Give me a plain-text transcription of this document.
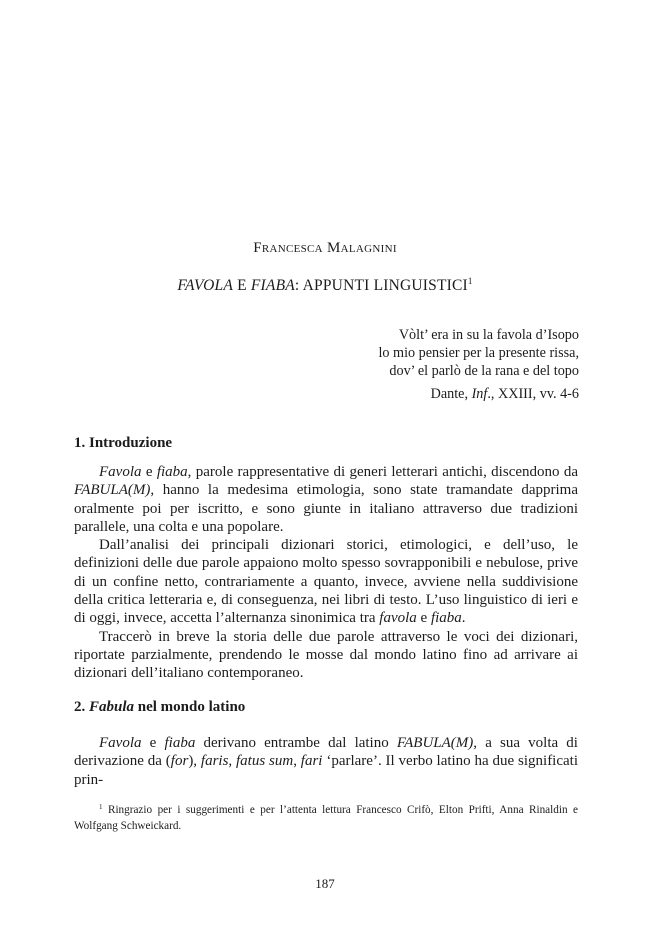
Francesca Malagnini
FAVOLA E FIABA: APPUNTI LINGUISTICI$^1$
Vòlt’ era in su la favola d’Isopo
lo mio pensier per la presente rissa,
dov’ el parlò de la rana e del topo
Dante, Inf., XXIII, vv. 4-6
1. Introduzione

Favola e fiaba, parole rappresentative di generi letterari antichi, discendono da FABULA(M), hanno la medesima etimologia, sono state tramandate dapprima oralmente poi per iscritto, e sono giunte in italiano attraverso due tradizioni parallele, una colta e una popolare.

Dall’analisi dei principali dizionari storici, etimologici, e dell’uso, le definizioni delle due parole appaiono molto spesso sovrapponibili e nebulose, prive di un confine netto, contrariamente a quanto, invece, avviene nella suddivisione della critica letteraria e, di conseguenza, nei libri di testo. L’uso linguistico di ieri e di oggi, invece, accetta l’alternanza sinonimica tra favola e fiaba.

Traccerò in breve la storia delle due parole attraverso le voci dei dizionari, riportate parzialmente, prendendo le mosse dal mondo latino fino ad arrivare ai dizionari dell’italiano contemporaneo.

2. Fabula nel mondo latino

Favola e fiaba derivano entrambe dal latino FABULA(M), a sua volta di derivazione da (for), faris, fatus sum, fari ‘parlare’. Il verbo latino ha due significati prin-

$^1$ Ringrazio per i suggerimenti e per l’attenta lettura Francesco Crifò, Elton Prifti, Anna Rinaldin e Wolfgang Schweickard.

187
